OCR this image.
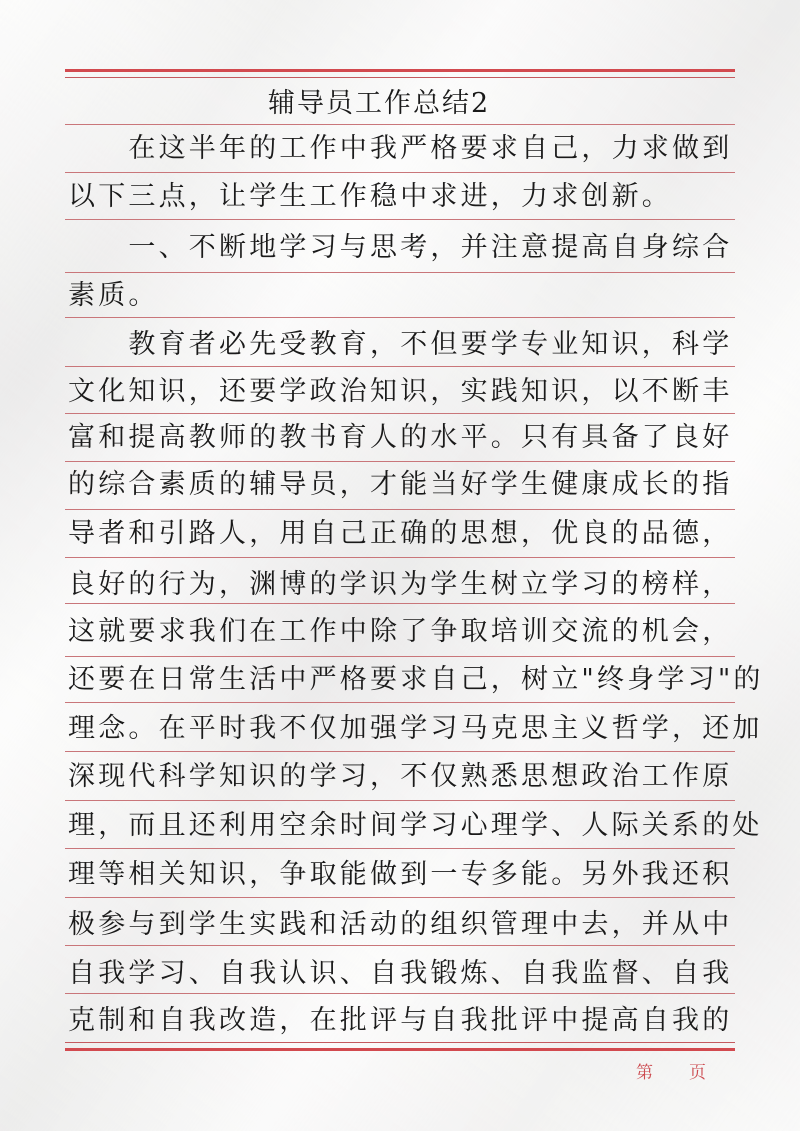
辅导员工作总结2
　　在这半年的工作中我严格要求自己，力求做到
以下三点，让学生工作稳中求进，力求创新。
　　一、不断地学习与思考，并注意提高自身综合
素质。
　　教育者必先受教育，不但要学专业知识，科学
文化知识，还要学政治知识，实践知识，以不断丰
富和提高教师的教书育人的水平。只有具备了良好
的综合素质的辅导员，才能当好学生健康成长的指
导者和引路人，用自己正确的思想，优良的品德，
良好的行为，渊博的学识为学生树立学习的榜样，
这就要求我们在工作中除了争取培训交流的机会，
还要在日常生活中严格要求自己，树立"终身学习"的
理念。在平时我不仅加强学习马克思主义哲学，还加
深现代科学知识的学习，不仅熟悉思想政治工作原
理，而且还利用空余时间学习心理学、人际关系的处
理等相关知识，争取能做到一专多能。另外我还积
极参与到学生实践和活动的组织管理中去，并从中
自我学习、自我认识、自我锻炼、自我监督、自我
克制和自我改造，在批评与自我批评中提高自我的
第 页
